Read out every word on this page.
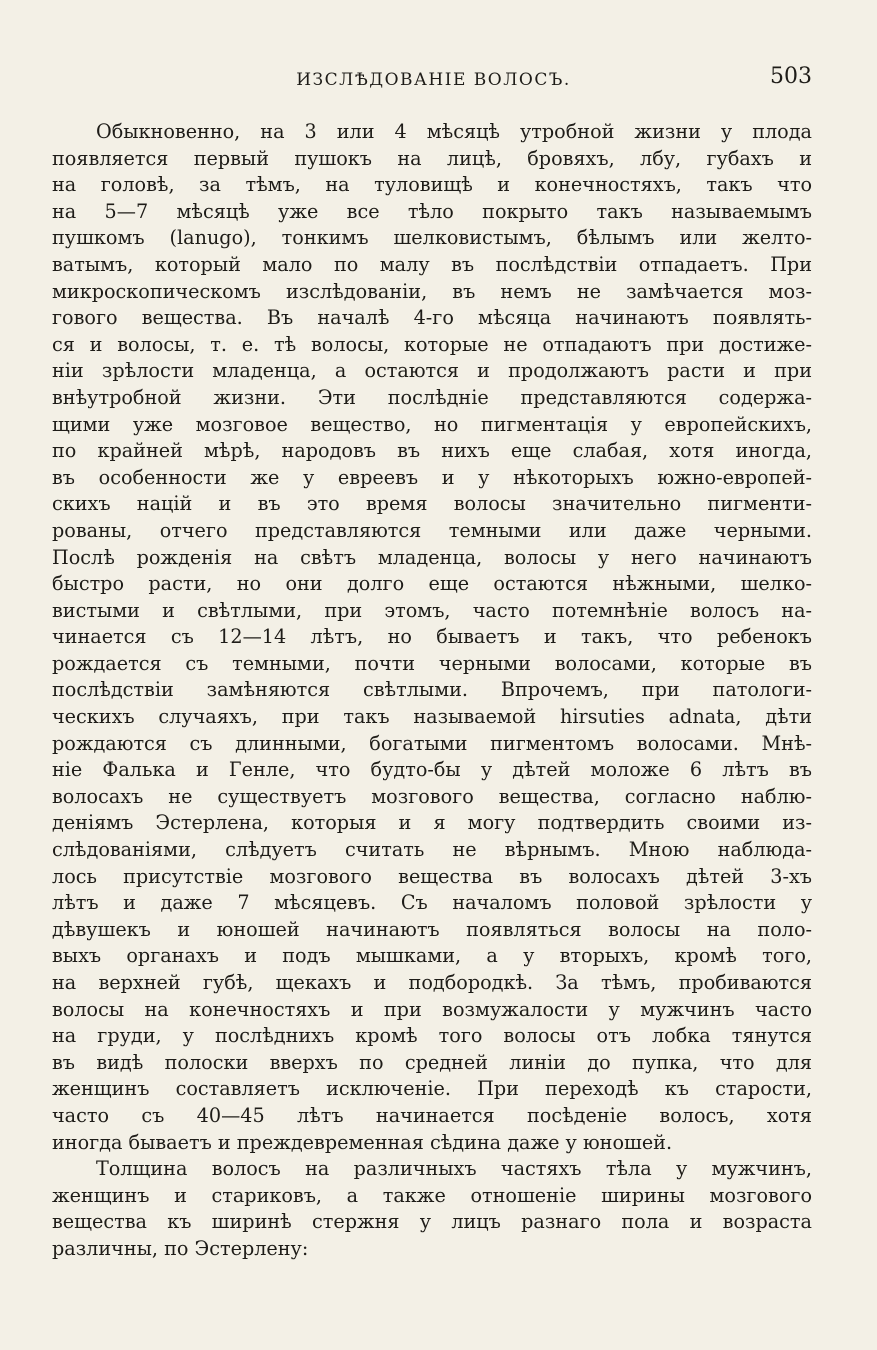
ИЗСЛѢДОВАНІЕ ВОЛОСЪ.	503
Обыкновенно, на 3 или 4 мѣсяцѣ утробной жизни у плода
появляется первый пушокъ на лицѣ, бровяхъ, лбу, губахъ и
на головѣ, за тѣмъ, на туловищѣ и конечностяхъ, такъ что
на 5—7 мѣсяцѣ уже все тѣло покрыто такъ называемымъ
пушкомъ (lanugo), тонкимъ шелковистымъ, бѣлымъ или желто-
ватымъ, который мало по малу въ послѣдствіи отпадаетъ. При
микроскопическомъ изслѣдованіи, въ немъ не замѣчается моз-
гового вещества. Въ началѣ 4-го мѣсяца начинаютъ появлять-
ся и волосы, т. е. тѣ волосы, которые не отпадаютъ при достиже-
ніи зрѣлости младенца, а остаются и продолжаютъ расти и при
внѣутробной жизни. Эти послѣдніе представляются содержа-
щими уже мозговое вещество, но пигментація у европейскихъ,
по крайней мѣрѣ, народовъ въ нихъ еще слабая, хотя иногда,
въ особенности же у евреевъ и у нѣкоторыхъ южно-европей-
скихъ націй и въ это время волосы значительно пигменти-
рованы, отчего представляются темными или даже черными.
Послѣ рожденія на свѣтъ младенца, волосы у него начинаютъ
быстро расти, но они долго еще остаются нѣжными, шелко-
вистыми и свѣтлыми, при этомъ, часто потемнѣніе волосъ на-
чинается съ 12—14 лѣтъ, но бываетъ и такъ, что ребенокъ
рождается съ темными, почти черными волосами, которые въ
послѣдствіи замѣняются свѣтлыми. Впрочемъ, при патологи-
ческихъ случаяхъ, при такъ называемой hirsuties adnata, дѣти
рождаются съ длинными, богатыми пигментомъ волосами. Мнѣ-
ніе Фалька и Генле, что будто-бы у дѣтей моложе 6 лѣтъ въ
волосахъ не существуетъ мозгового вещества, согласно наблю-
деніямъ Эстерлена, которыя и я могу подтвердить своими из-
слѣдованіями, слѣдуетъ считать не вѣрнымъ. Мною наблюда-
лось присутствіе мозгового вещества въ волосахъ дѣтей 3-хъ
лѣтъ и даже 7 мѣсяцевъ. Съ началомъ половой зрѣлости у
дѣвушекъ и юношей начинаютъ появляться волосы на поло-
выхъ органахъ и подъ мышками, а у вторыхъ, кромѣ того,
на верхней губѣ, щекахъ и подбородкѣ. За тѣмъ, пробиваются
волосы на конечностяхъ и при возмужалости у мужчинъ часто
на груди, у послѣднихъ кромѣ того волосы отъ лобка тянутся
въ видѣ полоски вверхъ по средней линіи до пупка, что для
женщинъ составляетъ исключеніе. При переходѣ къ старости,
часто съ 40—45 лѣтъ начинается посѣденіе волосъ, хотя
иногда бываетъ и преждевременная сѣдина даже у юношей.
Толщина волосъ на различныхъ частяхъ тѣла у мужчинъ,
женщинъ и стариковъ, а также отношеніе ширины мозгового
вещества къ ширинѣ стержня у лицъ разнаго пола и возраста
различны, по Эстерлену:
